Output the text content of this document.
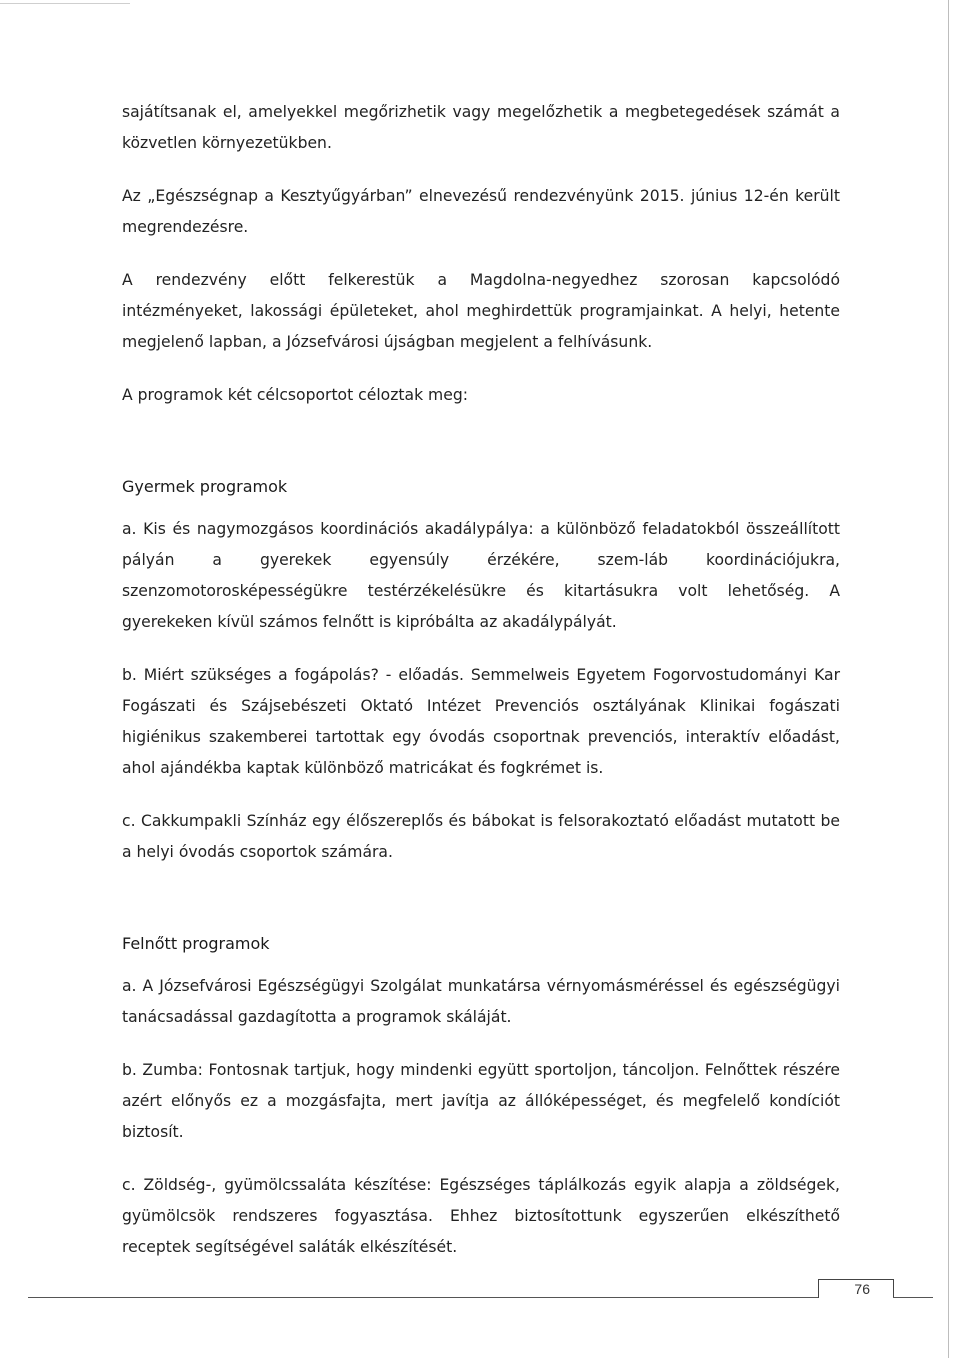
sajátítsanak el, amelyekkel megőrizhetik vagy megelőzhetik a megbetegedések számát a közvetlen környezetükben.

Az „Egészségnap a Kesztyűgyárban” elnevezésű rendezvényünk 2015. június 12-én került megrendezésre.

A rendezvény előtt felkerestük a Magdolna-negyedhez szorosan kapcsolódó intézményeket, lakossági épületeket, ahol meghirdettük programjainkat. A helyi, hetente megjelenő lapban, a Józsefvárosi újságban megjelent a felhívásunk.

A programok két célcsoportot céloztak meg:

Gyermek programok

a. Kis és nagymozgásos koordinációs akadálypálya: a különböző feladatokból összeállított pályán a gyerekek egyensúly érzékére, szem-láb koordinációjukra, szenzomotorosképességükre testérzékelésükre és kitartásukra volt lehetőség. A gyerekeken kívül számos felnőtt is kipróbálta az akadálypályát.

b. Miért szükséges a fogápolás? - előadás. Semmelweis Egyetem Fogorvostudományi Kar Fogászati és Szájsebészeti Oktató Intézet Prevenciós osztályának Klinikai fogászati higiénikus szakemberei tartottak egy óvodás csoportnak prevenciós, interaktív előadást, ahol ajándékba kaptak különböző matricákat és fogkrémet is.

c. Cakkumpakli Színház egy élőszereplős és bábokat is felsorakoztató előadást mutatott be a helyi óvodás csoportok számára.

Felnőtt programok

a. A Józsefvárosi Egészségügyi Szolgálat munkatársa vérnyomásméréssel és egészségügyi tanácsadással gazdagította a programok skáláját.

b. Zumba: Fontosnak tartjuk, hogy mindenki együtt sportoljon, táncoljon. Felnőttek részére azért előnyős ez a mozgásfajta, mert javítja az állóképességet, és megfelelő kondíciót biztosít.

c. Zöldség-, gyümölcssaláta készítése: Egészséges táplálkozás egyik alapja a zöldségek, gyümölcsök rendszeres fogyasztása. Ehhez biztosítottunk egyszerűen elkészíthető receptek segítségével saláták elkészítését.

76
